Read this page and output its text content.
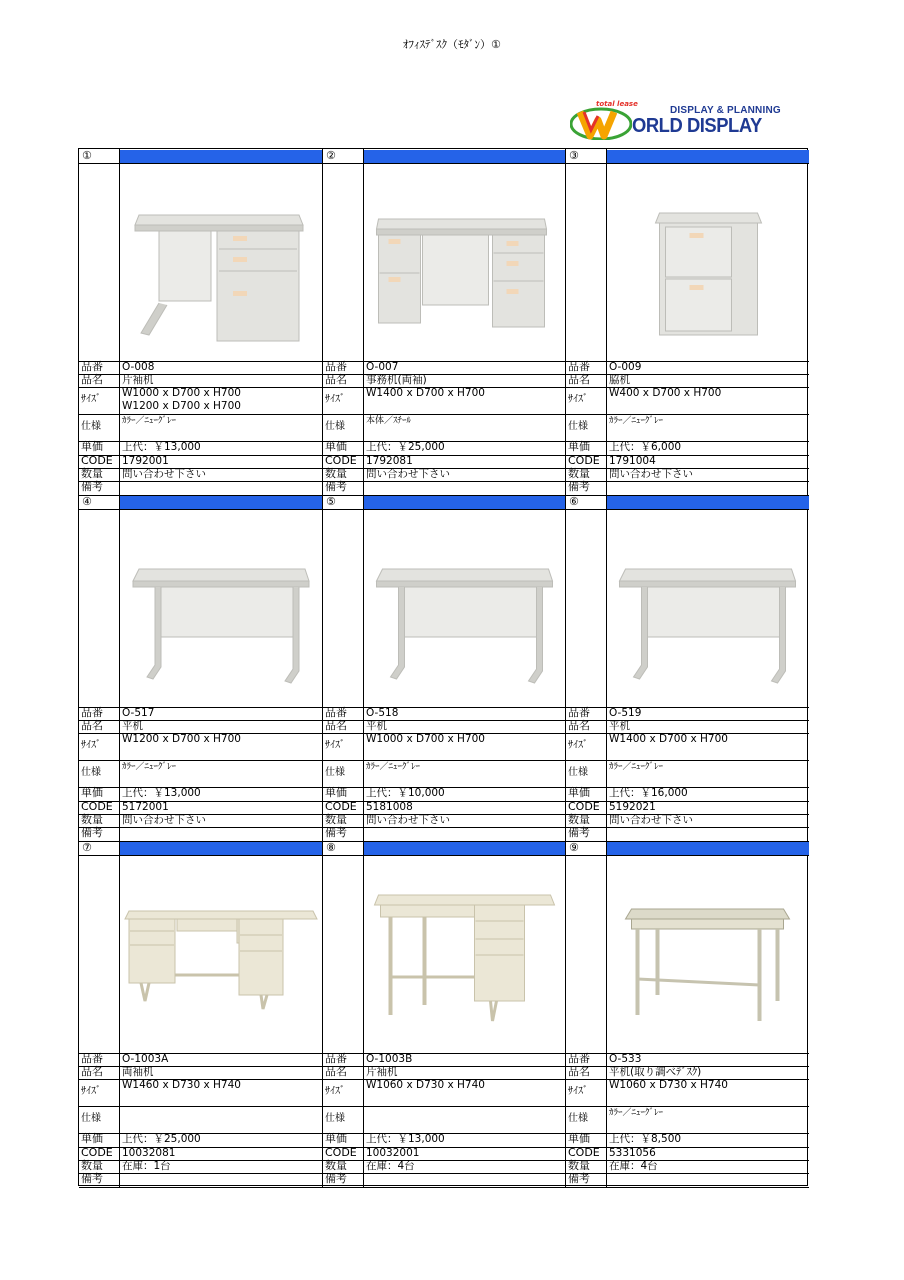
ｵﾌｨｽﾃﾞｽｸ（ﾓﾀﾞﾝ）①
total lease
DISPLAY & PLANNING
ORLD DISPLAY
①
品番 O-008
品名 片袖机
ｻｲｽﾞ
W1000 x D700 x H700
W1200 x D700 x H700
仕様 ｶﾗｰ／ﾆｭｰｸﾞﾚｰ
単価 上代：￥13,000
CODE 1792001
数量 問い合わせ下さい
備考
②
品番 O-007
品名 事務机(両袖)
ｻｲｽﾞ
W1400 x D700 x H700
仕様 本体／ｽﾁｰﾙ
単価 上代：￥25,000
CODE 1792081
数量 問い合わせ下さい
備考
③
品番 O-009
品名 脇机
ｻｲｽﾞ
W400 x D700 x H700
仕様 ｶﾗｰ／ﾆｭｰｸﾞﾚｰ
単価 上代：￥6,000
CODE 1791004
数量 問い合わせ下さい
備考
④
品番 O-517
品名 平机
ｻｲｽﾞ
W1200 x D700 x H700
仕様 ｶﾗｰ／ﾆｭｰｸﾞﾚｰ
単価 上代：￥13,000
CODE 5172001
数量 問い合わせ下さい
備考
⑤
品番 O-518
品名 平机
ｻｲｽﾞ
W1000 x D700 x H700
仕様 ｶﾗｰ／ﾆｭｰｸﾞﾚｰ
単価 上代：￥10,000
CODE 5181008
数量 問い合わせ下さい
備考
⑥
品番 O-519
品名 平机
ｻｲｽﾞ
W1400 x D700 x H700
仕様 ｶﾗｰ／ﾆｭｰｸﾞﾚｰ
単価 上代：￥16,000
CODE 5192021
数量 問い合わせ下さい
備考
⑦
品番 O-1003A
品名 両袖机
ｻｲｽﾞ
W1460 x D730 x H740
仕様
単価 上代：￥25,000
CODE 10032081
数量 在庫：1台
備考
⑧
品番 O-1003B
品名 片袖机
ｻｲｽﾞ
W1060 x D730 x H740
仕様
単価 上代：￥13,000
CODE 10032001
数量 在庫：4台
備考
⑨
品番 O-533
品名 平机(取り調べﾃﾞｽｸ)
ｻｲｽﾞ
W1060 x D730 x H740
仕様 ｶﾗｰ／ﾆｭｰｸﾞﾚｰ
単価 上代：￥8,500
CODE 5331056
数量 在庫：4台
備考
